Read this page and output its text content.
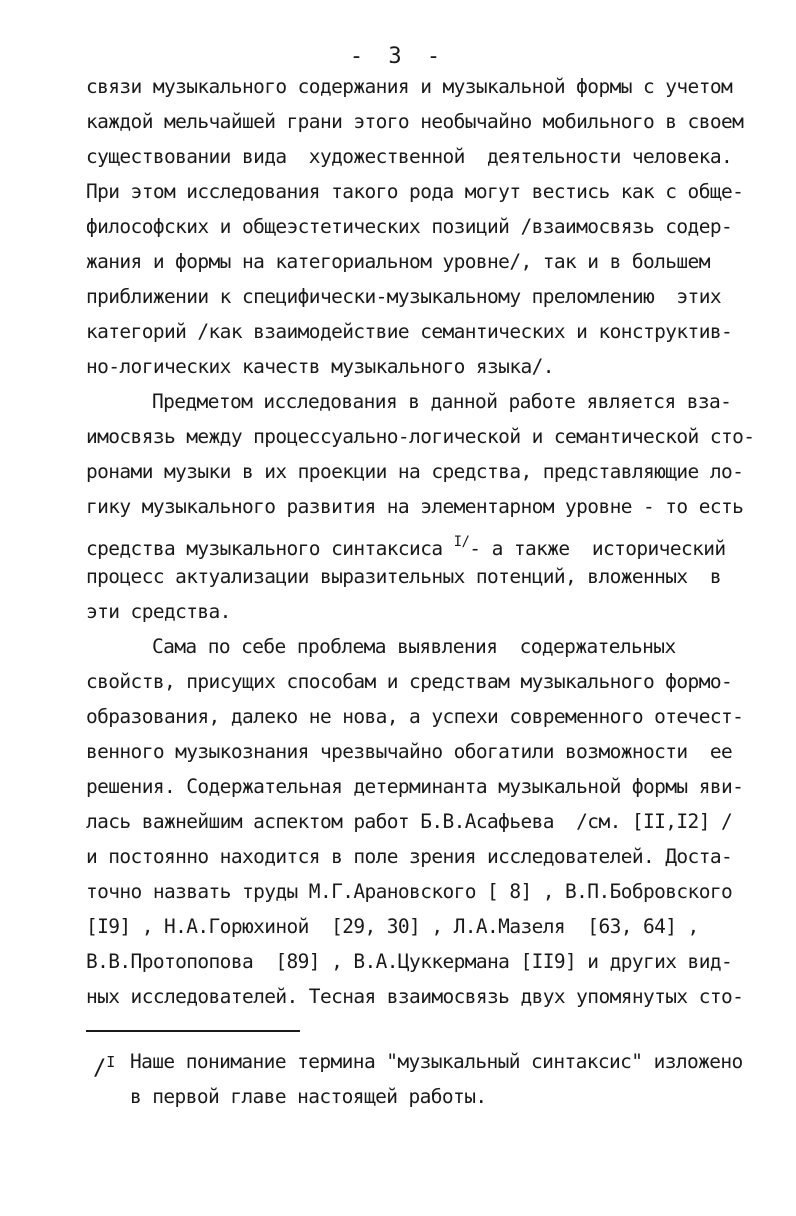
- 3 -
связи музыкального содержания и музыкальной формы с учетом
каждой мельчайшей грани этого необычайно мобильного в своем
существовании вида  художественной  деятельности человека.
При этом исследования такого рода могут вестись как с обще-
философских и общеэстетических позиций /взаимосвязь содер-
жания и формы на категориальном уровне/, так и в большем
приближении к специфически-музыкальному преломлению  этих
категорий /как взаимодействие семантических и конструктив-
но-логических качеств музыкального языка/.
Предметом исследования в данной работе является вза-
имосвязь между процессуально-логической и семантической сто-
ронами музыки в их проекции на средства, представляющие ло-
гику музыкального развития на элементарном уровне - то есть
средства музыкального синтаксиса $^{I/}$- а также  исторический
процесс актуализации выразительных потенций, вложенных  в
эти средства.
Сама по себе проблема выявления  содержательных
свойств, присущих способам и средствам музыкального формо-
образования, далеко не нова, а успехи современного отечест-
венного музыкознания чрезвычайно обогатили возможности  ее
решения. Содержательная детерминанта музыкальной формы яви-
лась важнейшим аспектом работ Б.В.Асафьева  /см. [II,I2] /
и постоянно находится в поле зрения исследователей. Доста-
точно назвать труды М.Г.Арановского [ 8] , В.П.Бобровского
[I9] , Н.А.Горюхиной  [29, 30] , Л.А.Мазеля  [63, 64] ,
В.В.Протопопова  [89] , В.А.Цуккермана [II9] и других вид-
ных исследователей. Тесная взаимосвязь двух упомянутых сто-
/$^I$ Наше понимание термина "музыкальный синтаксис" изложено
в первой главе настоящей работы.
